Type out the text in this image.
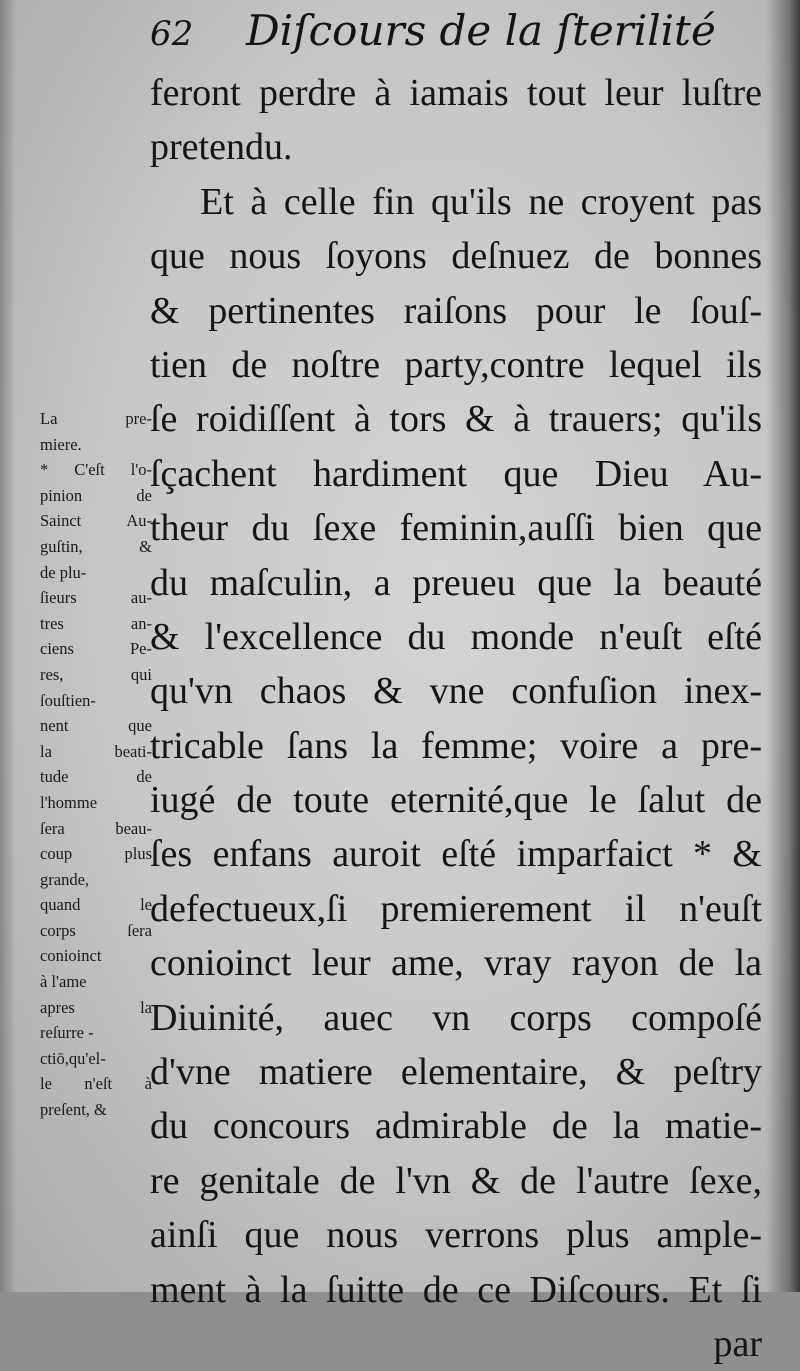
62 Diſcours de la ſterilité
feront perdre à iamais tout leur luſtre
pretendu.
Et à celle fin qu'ils ne croyent pas
que nous ſoyons deſnuez de bonnes
& pertinentes raiſons pour le ſouſ-
tien de noſtre party,contre lequel ils
ſe roidiſſent à tors & à trauers; qu'ils
ſçachent hardiment que Dieu Au-
theur du ſexe feminin,auſſi bien que
du maſculin, a preueu que la beauté
& l'excellence du monde n'euſt eſté
qu'vn chaos & vne confuſion inex-
tricable ſans la femme; voire a pre-
iugé de toute eternité,que le ſalut de
ſes enfans auroit eſté imparfaict * &
defectueux,ſi premierement il n'euſt
conioinct leur ame, vray rayon de la
Diuinité, auec vn corps compoſé
d'vne matiere elementaire, & peſtry
du concours admirable de la matie-
re genitale de l'vn & de l'autre ſexe,
ainſi que nous verrons plus ample-
ment à la ſuitte de ce Diſcours. Et ſi
par
La pre-
miere.
* C'eſt l'o-
pinion de
Sainct Au-
guſtin, &
de plu-
ſieurs au-
tres an-
ciens Pe-
res, qui
ſouſtien-
nent que
la beati-
tude de
l'homme
ſera beau-
coup plus
grande,
quand le
corps ſera
conioinct
à l'ame
apres la
reſurre -
ctiō,qu'el-
le n'eſt à
preſent, &
